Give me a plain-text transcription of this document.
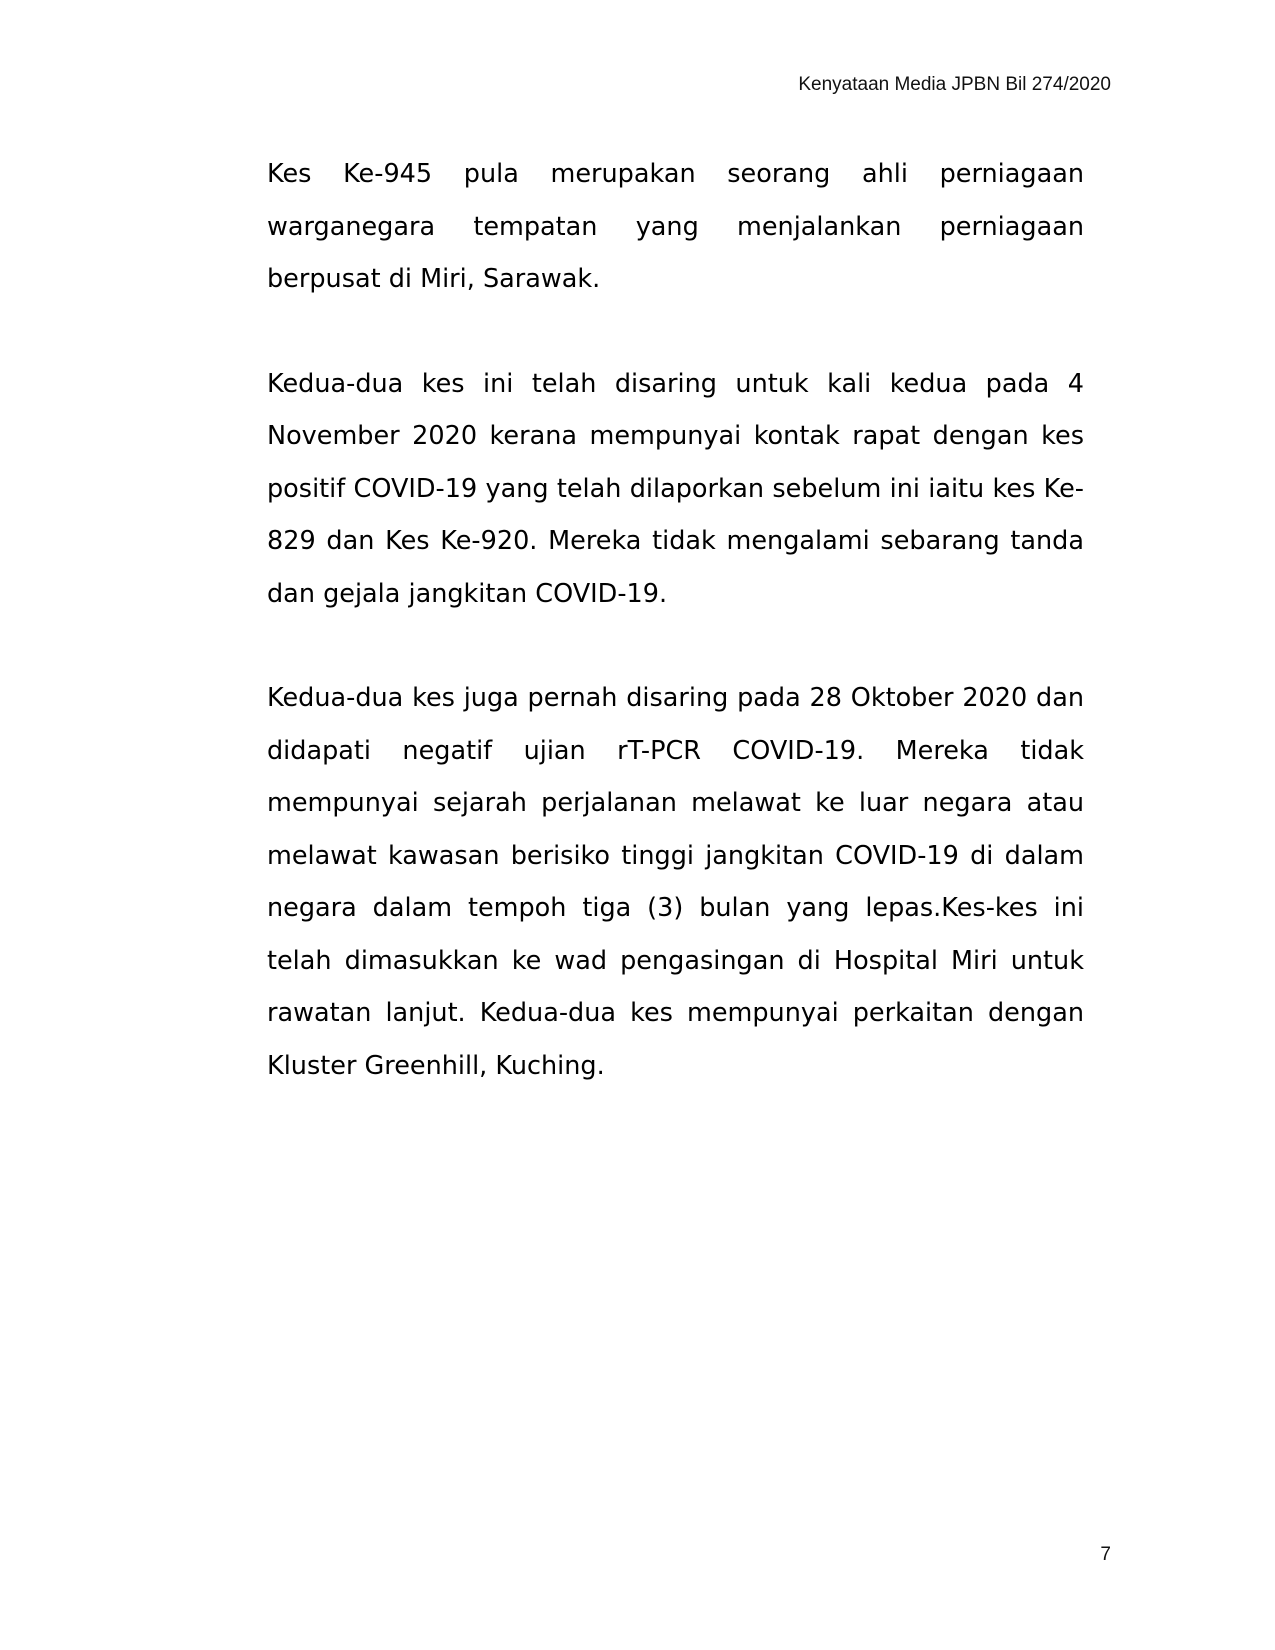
Kenyataan Media JPBN Bil 274/2020

Kes Ke-945 pula merupakan seorang ahli perniagaan warganegara tempatan yang menjalankan perniagaan berpusat di Miri, Sarawak.

Kedua-dua kes ini telah disaring untuk kali kedua pada 4 November 2020 kerana mempunyai kontak rapat dengan kes positif COVID-19 yang telah dilaporkan sebelum ini iaitu kes Ke-829 dan Kes Ke-920. Mereka tidak mengalami sebarang tanda dan gejala jangkitan COVID-19.

Kedua-dua kes juga pernah disaring pada 28 Oktober 2020 dan didapati negatif ujian rT-PCR COVID-19. Mereka tidak mempunyai sejarah perjalanan melawat ke luar negara atau melawat kawasan berisiko tinggi jangkitan COVID-19 di dalam negara dalam tempoh tiga (3) bulan yang lepas.Kes-kes ini telah dimasukkan ke wad pengasingan di Hospital Miri untuk rawatan lanjut. Kedua-dua kes mempunyai perkaitan dengan Kluster Greenhill, Kuching.

7
